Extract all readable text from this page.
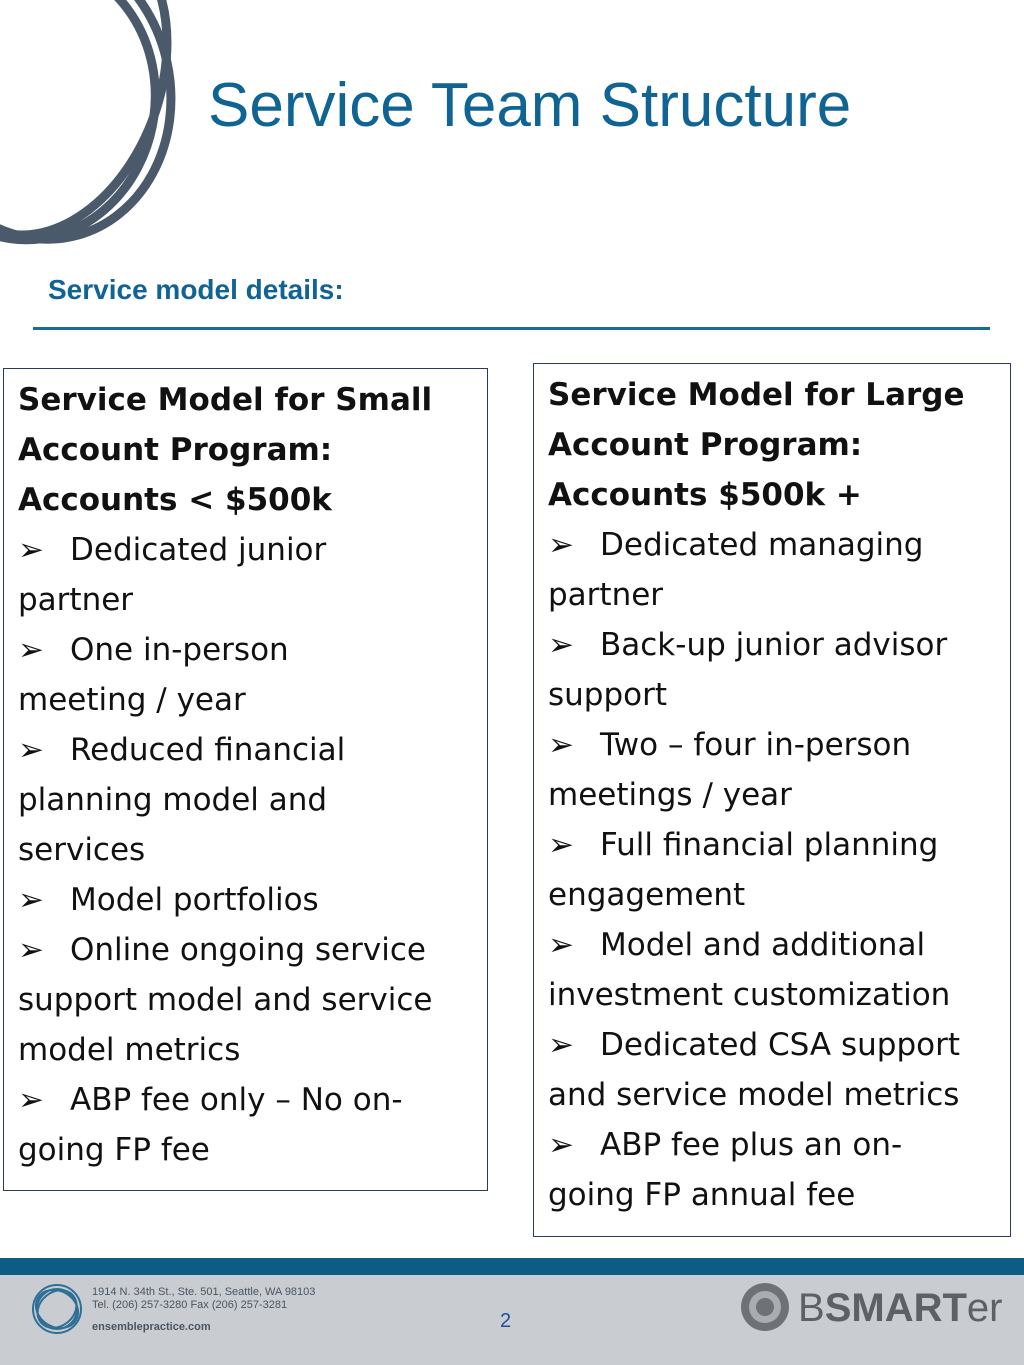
Service Team Structure
Service model details:
Service Model for Small
Account Program:
Accounts < $500k
➢ Dedicated junior
partner
➢ One in-person
meeting / year
➢ Reduced financial
planning model and
services
➢ Model portfolios
➢ Online ongoing service
support model and service
model metrics
➢ ABP fee only – No on-
going FP fee
Service Model for Large
Account Program:
Accounts $500k +
➢ Dedicated managing
partner
➢ Back-up junior advisor
support
➢ Two – four in-person
meetings / year
➢ Full financial planning
engagement
➢ Model and additional
investment customization
➢ Dedicated CSA support
and service model metrics
➢ ABP fee plus an on-
going FP annual fee
1914 N. 34th St., Ste. 501, Seattle, WA 98103
Tel. (206) 257-3280 Fax (206) 257-3281
ensemblepractice.com	2	BSMARTer
